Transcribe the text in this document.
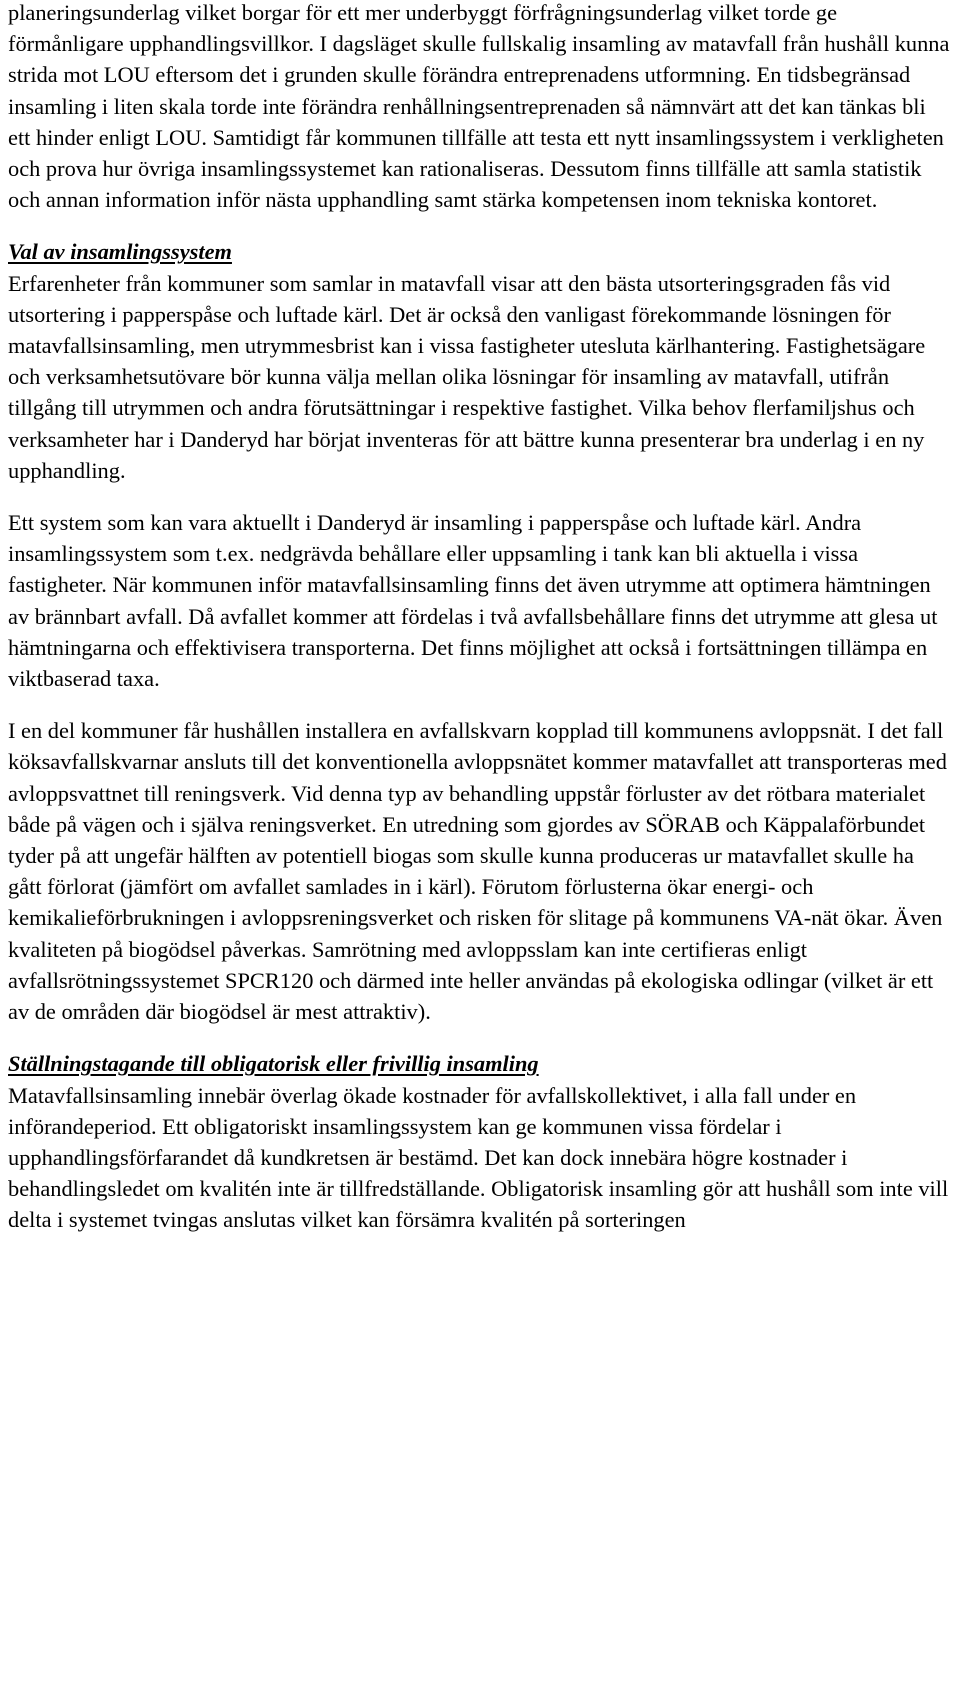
planeringsunderlag vilket borgar för ett mer underbyggt förfrågningsunderlag vilket torde ge förmånligare upphandlingsvillkor. I dagsläget skulle fullskalig insamling av matavfall från hushåll kunna strida mot LOU eftersom det i grunden skulle förändra entreprenadens utformning. En tidsbegränsad insamling i liten skala torde inte förändra renhållningsentreprenaden så nämnvärt att det kan tänkas bli ett hinder enligt LOU. Samtidigt får kommunen tillfälle att testa ett nytt insamlingssystem i verkligheten och prova hur övriga insamlingssystemet kan rationaliseras. Dessutom finns tillfälle att samla statistik och annan information inför nästa upphandling samt stärka kompetensen inom tekniska kontoret.

Val av insamlingssystem

Erfarenheter från kommuner som samlar in matavfall visar att den bästa utsorteringsgraden fås vid utsortering i papperspåse och luftade kärl. Det är också den vanligast förekommande lösningen för matavfallsinsamling, men utrymmesbrist kan i vissa fastigheter utesluta kärlhantering. Fastighetsägare och verksamhetsutövare bör kunna välja mellan olika lösningar för insamling av matavfall, utifrån tillgång till utrymmen och andra förutsättningar i respektive fastighet. Vilka behov flerfamiljshus och verksamheter har i Danderyd har börjat inventeras för att bättre kunna presenterar bra underlag i en ny upphandling.

Ett system som kan vara aktuellt i Danderyd är insamling i papperspåse och luftade kärl. Andra insamlingssystem som t.ex. nedgrävda behållare eller uppsamling i tank kan bli aktuella i vissa fastigheter. När kommunen inför matavfallsinsamling finns det även utrymme att optimera hämtningen av brännbart avfall. Då avfallet kommer att fördelas i två avfallsbehållare finns det utrymme att glesa ut hämtningarna och effektivisera transporterna. Det finns möjlighet att också i fortsättningen tillämpa en viktbaserad taxa.

I en del kommuner får hushållen installera en avfallskvarn kopplad till kommunens avloppsnät. I det fall köksavfallskvarnar ansluts till det konventionella avloppsnätet kommer matavfallet att transporteras med avloppsvattnet till reningsverk. Vid denna typ av behandling uppstår förluster av det rötbara materialet både på vägen och i själva reningsverket. En utredning som gjordes av SÖRAB och Käppalaförbundet tyder på att ungefär hälften av potentiell biogas som skulle kunna produceras ur matavfallet skulle ha gått förlorat (jämfört om avfallet samlades in i kärl). Förutom förlusterna ökar energi- och kemikalieförbrukningen i avloppsreningsverket och risken för slitage på kommunens VA-nät ökar. Även kvaliteten på biogödsel påverkas. Samrötning med avloppsslam kan inte certifieras enligt avfallsrötningssystemet SPCR120 och därmed inte heller användas på ekologiska odlingar (vilket är ett av de områden där biogödsel är mest attraktiv).

Ställningstagande till obligatorisk eller frivillig insamling

Matavfallsinsamling innebär överlag ökade kostnader för avfallskollektivet, i alla fall under en införandeperiod. Ett obligatoriskt insamlingssystem kan ge kommunen vissa fördelar i upphandlingsförfarandet då kundkretsen är bestämd. Det kan dock innebära högre kostnader i behandlingsledet om kvalitén inte är tillfredställande. Obligatorisk insamling gör att hushåll som inte vill delta i systemet tvingas anslutas vilket kan försämra kvalitén på sorteringen
